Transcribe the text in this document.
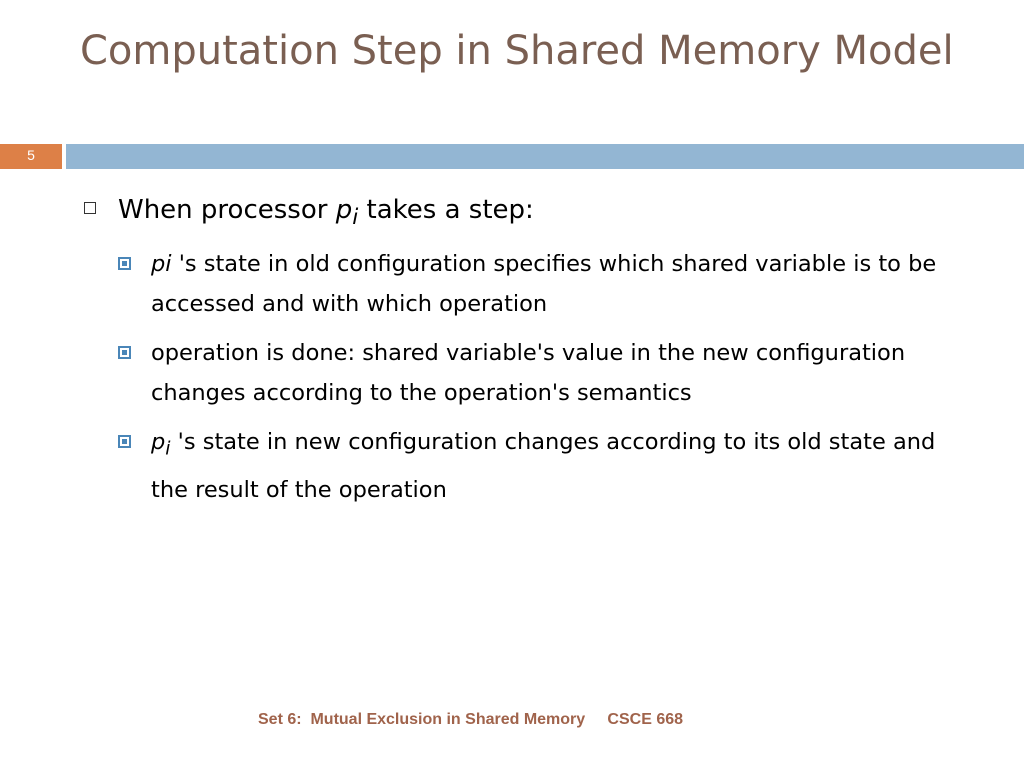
Computation Step in Shared Memory Model
5
When processor $p_i$ takes a step:
pi 's state in old configuration specifies which shared variable is to be accessed and with which operation
operation is done: shared variable's value in the new configuration changes according to the operation's semantics
$p_i$ 's state in new configuration changes according to its old state and the result of the operation
Set 6:  Mutual Exclusion in Shared Memory CSCE 668
